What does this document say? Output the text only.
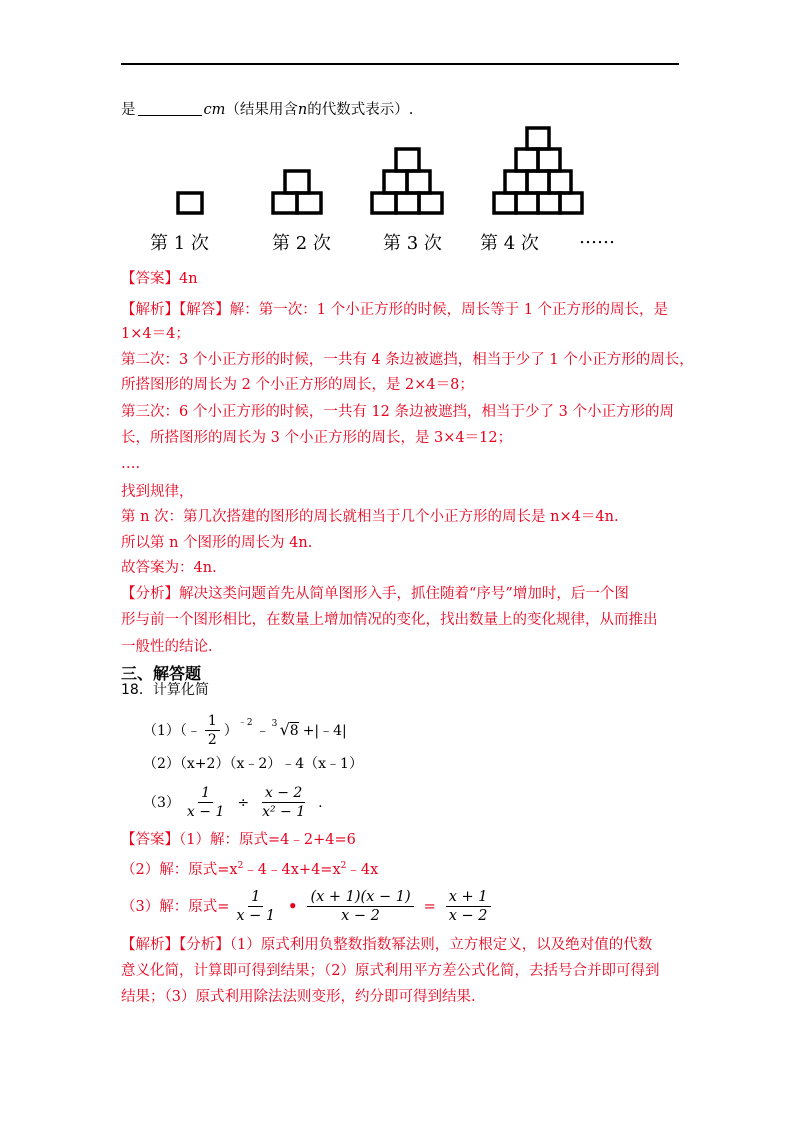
是	cm（结果用含n的代数式表示）.
第 1 次	第 2 次	第 3 次 第 4 次 ……
【答案】4n
【解析】【解答】解：第一次：1 个小正方形的时候，周长等于 1 个正方形的周长，是
1×4＝4；
第二次：3 个小正方形的时候，一共有 4 条边被遮挡，相当于少了 1 个小正方形的周长，
所搭图形的周长为 2 个小正方形的周长，是 2×4＝8；
第三次：6 个小正方形的时候，一共有 12 条边被遮挡，相当于少了 3 个小正方形的周
长，所搭图形的周长为 3 个小正方形的周长，是 3×4＝12；
….
找到规律，
第 n 次：第几次搭建的图形的周长就相当于几个小正方形的周长是 n×4＝4n.
所以第 n 个图形的周长为 4n.
故答案为：4n.
【分析】解决这类问题首先从简单图形入手，抓住随着“序号”增加时，后一个图
形与前一个图形相比，在数量上增加情况的变化，找出数量上的变化规律，从而推出
一般性的结论.
三、解答题
18．计算化简
（1）（﹣ $\frac{1}{2} )^{﹣2}$ ﹣ 3 √8 +|﹣4|
（2）（x+2）（x﹣2）﹣4（x﹣1）
$(3) \frac{1}{x - 1} \div \frac{x - 2}{\text{x² − 1}}$ .
【答案】（1）解：原式=4﹣2+4=6
（2）解：原式$=x^2﹣4﹣4x+4=x^2﹣4x$
（3）解：原式= $\frac{1}{x - 1}$ • $\frac{(x + 1)(x - 1)}{x - 2} = \frac{x + 1}{x - 2}$
【解析】【分析】（1）原式利用负整数指数幂法则，立方根定义，以及绝对值的代数
意义化简，计算即可得到结果；（2）原式利用平方差公式化简，去括号合并即可得到
结果；（3）原式利用除法法则变形，约分即可得到结果.
